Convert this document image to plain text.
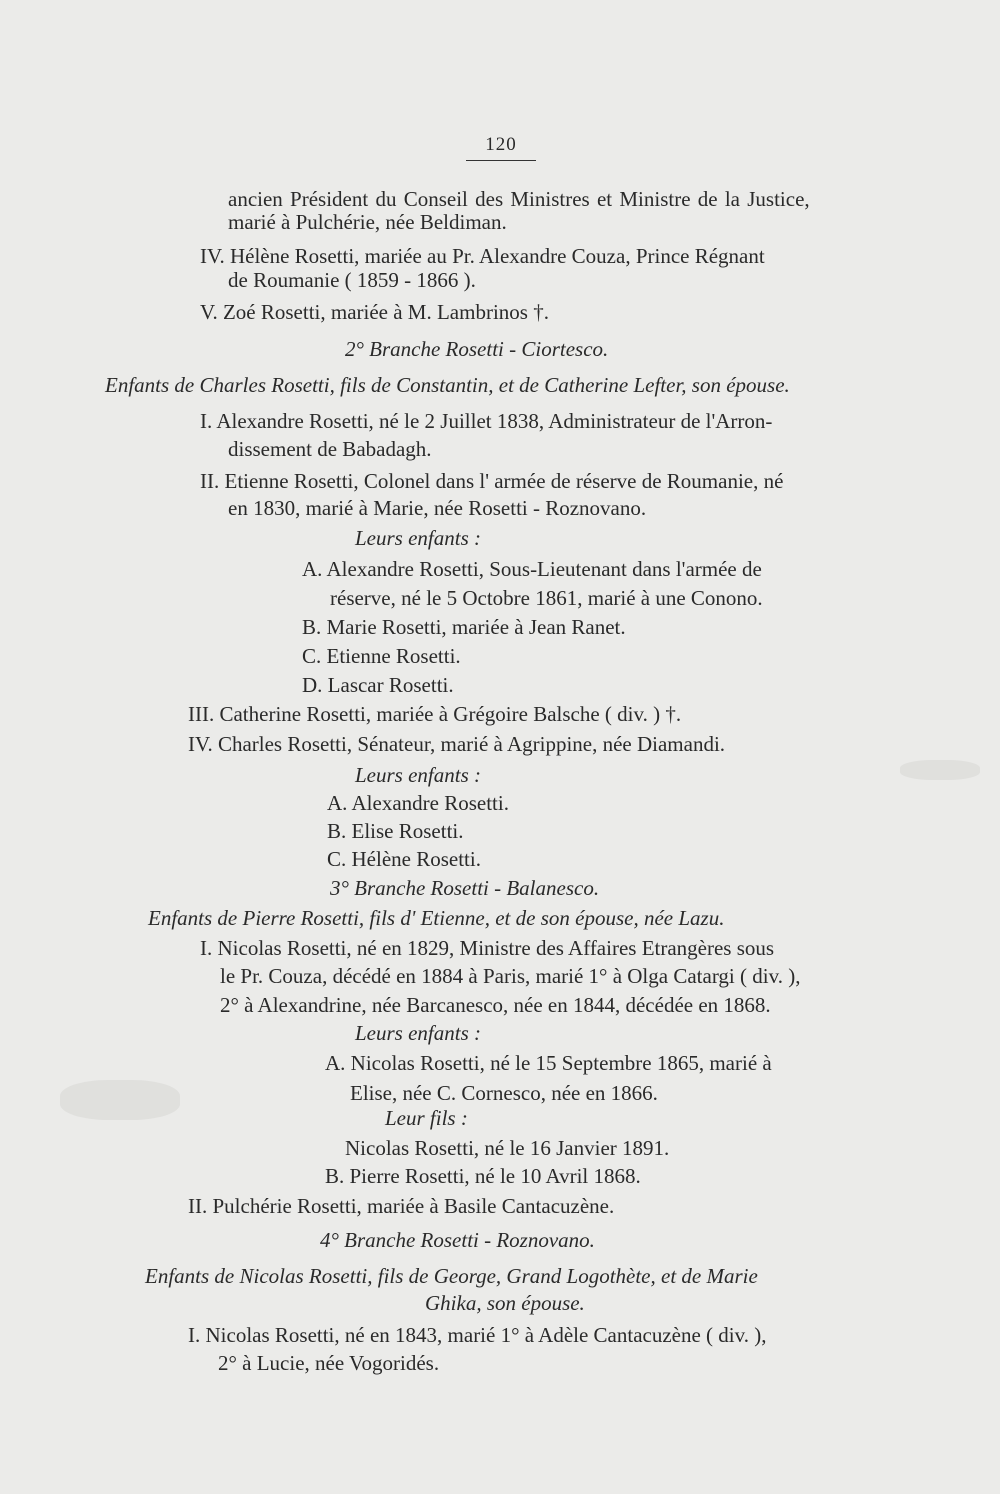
120
ancien Président du Conseil des Ministres et Ministre de la Justice,
marié à Pulchérie, née Beldiman.
IV. Hélène Rosetti, mariée au Pr. Alexandre Couza, Prince Régnant
de Roumanie ( 1859 - 1866 ).
V. Zoé Rosetti, mariée à M. Lambrinos †.
2° Branche Rosetti - Ciortesco.
Enfants de Charles Rosetti, fils de Constantin, et de Catherine Lefter, son épouse.
I. Alexandre Rosetti, né le 2 Juillet 1838, Administrateur de l'Arron-
dissement de Babadagh.
II. Etienne Rosetti, Colonel dans l' armée de réserve de Roumanie, né
en 1830, marié à Marie, née Rosetti - Roznovano.
Leurs enfants :
A. Alexandre Rosetti, Sous-Lieutenant dans l'armée de
réserve, né le 5 Octobre 1861, marié à une Conono.
B. Marie Rosetti, mariée à Jean Ranet.
C. Etienne Rosetti.
D. Lascar Rosetti.
III. Catherine Rosetti, mariée à Grégoire Balsche ( div. ) †.
IV. Charles Rosetti, Sénateur, marié à Agrippine, née Diamandi.
Leurs enfants :
A. Alexandre Rosetti.
B. Elise Rosetti.
C. Hélène Rosetti.
3° Branche Rosetti - Balanesco.
Enfants de Pierre Rosetti, fils d' Etienne, et de son épouse, née Lazu.
I. Nicolas Rosetti, né en 1829, Ministre des Affaires Etrangères sous
le Pr. Couza, décédé en 1884 à Paris, marié 1° à Olga Catargi ( div. ),
2° à Alexandrine, née Barcanesco, née en 1844, décédée en 1868.
Leurs enfants :
A. Nicolas Rosetti, né le 15 Septembre 1865, marié à
Elise, née C. Cornesco, née en 1866.
Leur fils :
Nicolas Rosetti, né le 16 Janvier 1891.
B. Pierre Rosetti, né le 10 Avril 1868.
II. Pulchérie Rosetti, mariée à Basile Cantacuzène.
4° Branche Rosetti - Roznovano.
Enfants de Nicolas Rosetti, fils de George, Grand Logothète, et de Marie
Ghika, son épouse.
I. Nicolas Rosetti, né en 1843, marié 1° à Adèle Cantacuzène ( div. ),
2° à Lucie, née Vogoridés.
